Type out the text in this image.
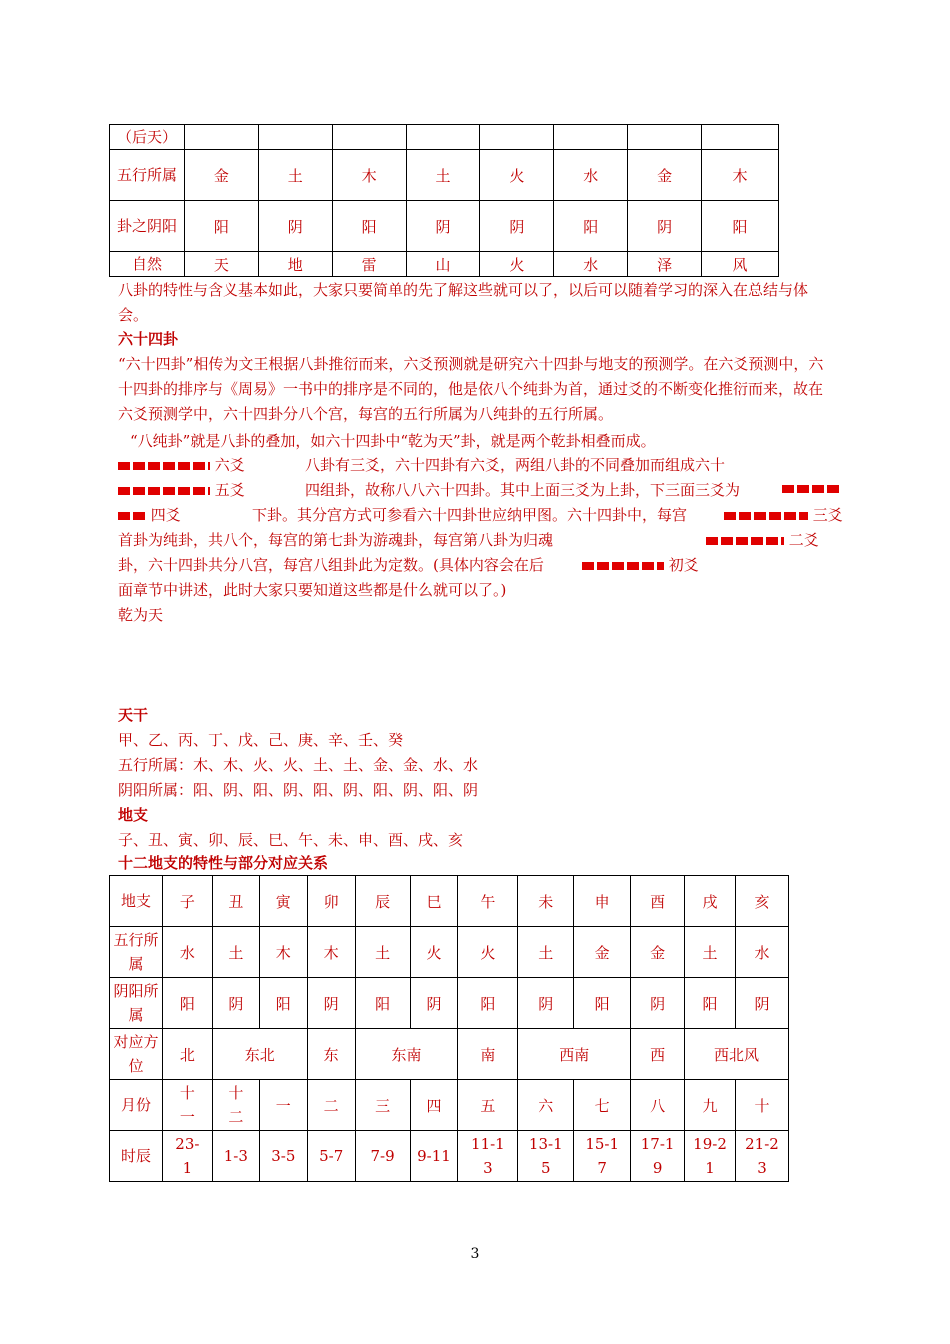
（后天）								
五行所属	金	土	木	土	火	水	金	木
卦之阴阳	阳	阴	阳	阴	阴	阳	阴	阳
自然	天	地	雷	山	火	水	泽	风
八卦的特性与含义基本如此，大家只要简单的先了解这些就可以了，以后可以随着学习的深入在总结与体会。
六十四卦
“六十四卦”相传为文王根据八卦推衍而来，六爻预测就是研究六十四卦与地支的预测学。在六爻预测中，六十四卦的排序与《周易》一书中的排序是不同的，他是依八个纯卦为首，通过爻的不断变化推衍而来，故在六爻预测学中，六十四卦分八个宫，每宫的五行所属为八纯卦的五行所属。
“八纯卦”就是八卦的叠加，如六十四卦中“乾为天”卦，就是两个乾卦相叠而成。
六爻	八卦有三爻，六十四卦有六爻，两组八卦的不同叠加而组成六十
五爻	四组卦，故称八八六十四卦。其中上面三爻为上卦，下三面三爻为
四爻	下卦。其分宫方式可参看六十四卦世应纳甲图。六十四卦中，每宫	三爻
首卦为纯卦，共八个，每宫的第七卦为游魂卦，每宫第八卦为归魂	二爻
卦，六十四卦共分八宫，每宫八组卦此为定数。(具体内容会在后	初爻
面章节中讲述，此时大家只要知道这些都是什么就可以了。)
乾为天
天干
甲、乙、丙、丁、戊、己、庚、辛、壬、癸
五行所属：木、木、火、火、土、土、金、金、水、水
阴阳所属：阳、阴、阳、阴、阳、阴、阳、阴、阳、阴
地支
子、丑、寅、卯、辰、巳、午、未、申、酉、戌、亥
十二地支的特性与部分对应关系
地支	子	丑	寅	卯	辰	巳	午	未	申	酉	戌	亥
五行所属	水	土	木	木	土	火	火	土	金	金	土	水
阴阳所属	阳	阴	阳	阴	阳	阴	阳	阴	阳	阴	阳	阴
对应方位	北	东北		东	东南		南	西南		西	西北风	
月份	十一	十二	一	二	三	四	五	六	七	八	九	十
时辰	23-1	1-3	3-5	5-7	7-9	9-11	11-13	13-15	15-17	17-19	19-21	21-23
3
